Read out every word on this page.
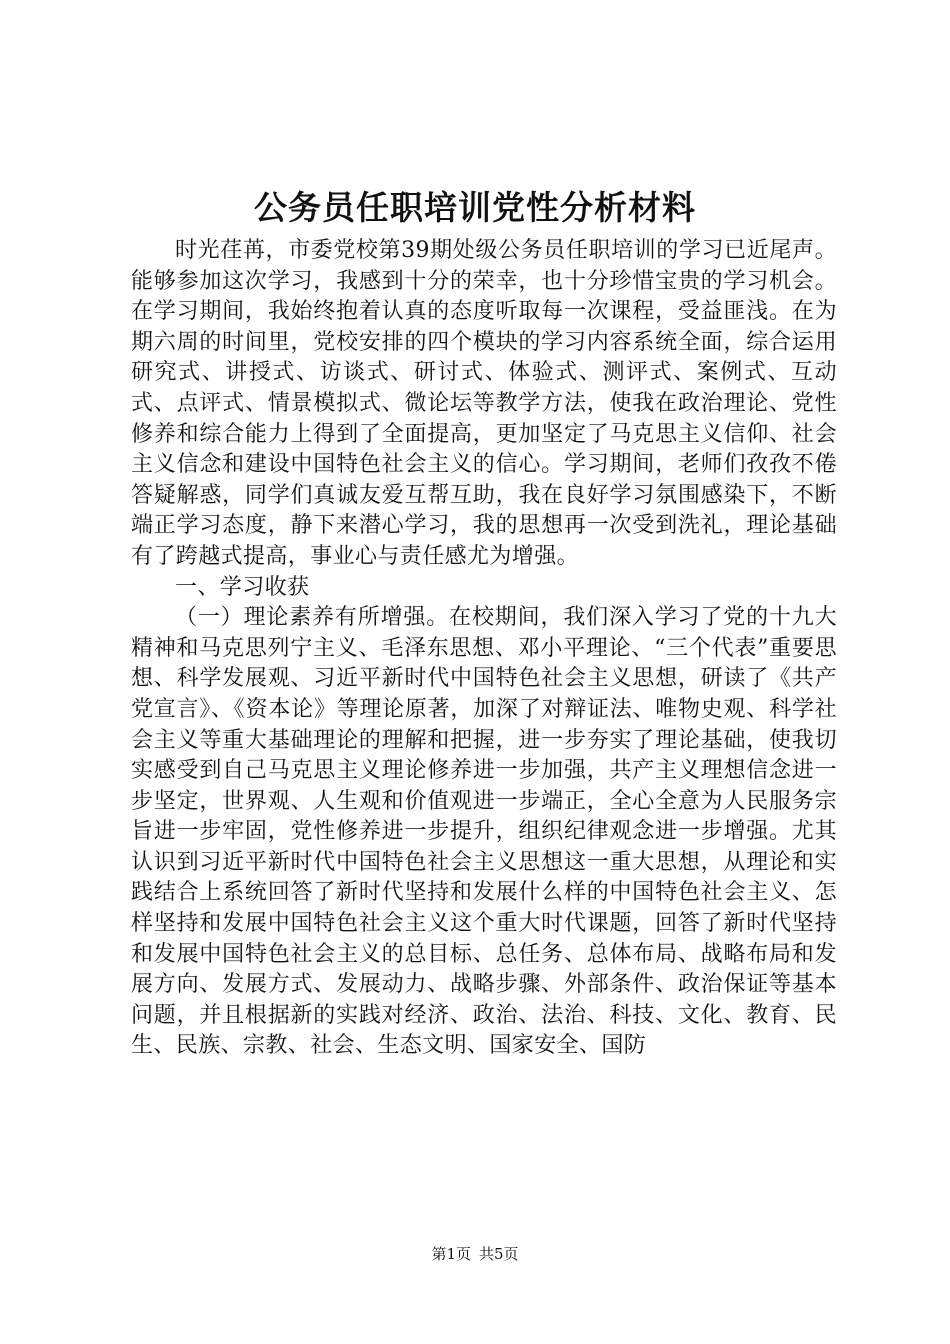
公务员任职培训党性分析材料

时光荏苒，市委党校第39期处级公务员任职培训的学习已近尾声。能够参加这次学习，我感到十分的荣幸，也十分珍惜宝贵的学习机会。在学习期间，我始终抱着认真的态度听取每一次课程，受益匪浅。在为期六周的时间里，党校安排的四个模块的学习内容系统全面，综合运用研究式、讲授式、访谈式、研讨式、体验式、测评式、案例式、互动式、点评式、情景模拟式、微论坛等教学方法，使我在政治理论、党性修养和综合能力上得到了全面提高，更加坚定了马克思主义信仰、社会主义信念和建设中国特色社会主义的信心。学习期间，老师们孜孜不倦答疑解惑，同学们真诚友爱互帮互助，我在良好学习氛围感染下，不断端正学习态度，静下来潜心学习，我的思想再一次受到洗礼，理论基础有了跨越式提高，事业心与责任感尤为增强。

一、学习收获

（一）理论素养有所增强。在校期间，我们深入学习了党的十九大精神和马克思列宁主义、毛泽东思想、邓小平理论、“三个代表”重要思想、科学发展观、习近平新时代中国特色社会主义思想，研读了《共产党宣言》、《资本论》等理论原著，加深了对辩证法、唯物史观、科学社会主义等重大基础理论的理解和把握，进一步夯实了理论基础，使我切实感受到自己马克思主义理论修养进一步加强，共产主义理想信念进一步坚定，世界观、人生观和价值观进一步端正，全心全意为人民服务宗旨进一步牢固，党性修养进一步提升，组织纪律观念进一步增强。尤其认识到习近平新时代中国特色社会主义思想这一重大思想，从理论和实践结合上系统回答了新时代坚持和发展什么样的中国特色社会主义、怎样坚持和发展中国特色社会主义这个重大时代课题，回答了新时代坚持和发展中国特色社会主义的总目标、总任务、总体布局、战略布局和发展方向、发展方式、发展动力、战略步骤、外部条件、政治保证等基本问题，并且根据新的实践对经济、政治、法治、科技、文化、教育、民生、民族、宗教、社会、生态文明、国家安全、国防

第1页 共5页
